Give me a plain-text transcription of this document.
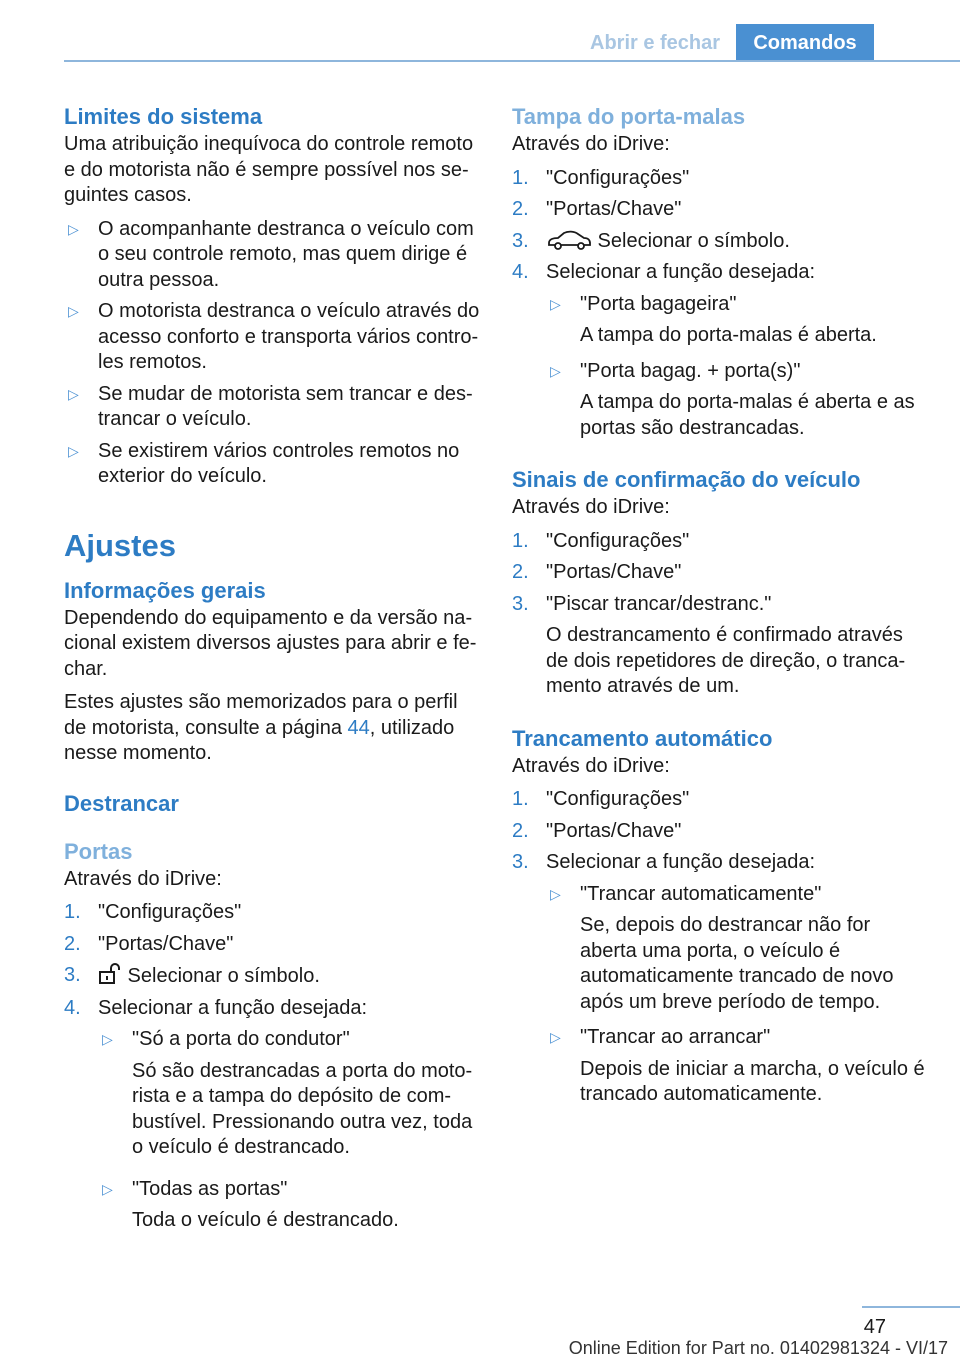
Abrir e fechar	Comandos
Limites do sistema

Uma atribuição inequívoca do controle remoto e do motorista não é sempre possível nos seguintes casos.

▷ O acompanhante destranca o veículo com o seu controle remoto, mas quem dirige é outra pessoa.
▷ O motorista destranca o veículo através do acesso conforto e transporta vários controles remotos.
▷ Se mudar de motorista sem trancar e destrancar o veículo.
▷ Se existirem vários controles remotos no exterior do veículo.
Ajustes
Informações gerais

Dependendo do equipamento e da versão nacional existem diversos ajustes para abrir e fechar.

Estes ajustes são memorizados para o perfil de motorista, consulte a página 44, utilizado nesse momento.

Destrancar
Portas

Através do iDrive:

1. "Configurações"
2. "Portas/Chave"
3. Selecionar o símbolo.
4. Selecionar a função desejada:
▷ "Só a porta do condutor"
Só são destrancadas a porta do motorista e a tampa do depósito de combustível. Pressionando outra vez, toda o veículo é destrancado.
▷ "Todas as portas"
Toda o veículo é destrancado.
Tampa do porta-malas

Através do iDrive:

1. "Configurações"
2. "Portas/Chave"
3.	Selecionar o símbolo.
4. Selecionar a função desejada:
▷ "Porta bagageira"
A tampa do porta-malas é aberta.
▷ "Porta bagag. + porta(s)"
A tampa do porta-malas é aberta e as portas são destrancadas.
Sinais de confirmação do veículo

Através do iDrive:

1. "Configurações"
2. "Portas/Chave"
3. "Piscar trancar/destranc."
O destrancamento é confirmado através de dois repetidores de direção, o trancamento através de um.
Trancamento automático

Através do iDrive:

1. "Configurações"
2. "Portas/Chave"
3. Selecionar a função desejada:
▷ "Trancar automaticamente"
Se, depois do destrancar não for aberta uma porta, o veículo é automaticamente trancado de novo após um breve período de tempo.
▷ "Trancar ao arrancar"
Depois de iniciar a marcha, o veículo é trancado automaticamente.
47
Online Edition for Part no. 01402981324 - VI/17
